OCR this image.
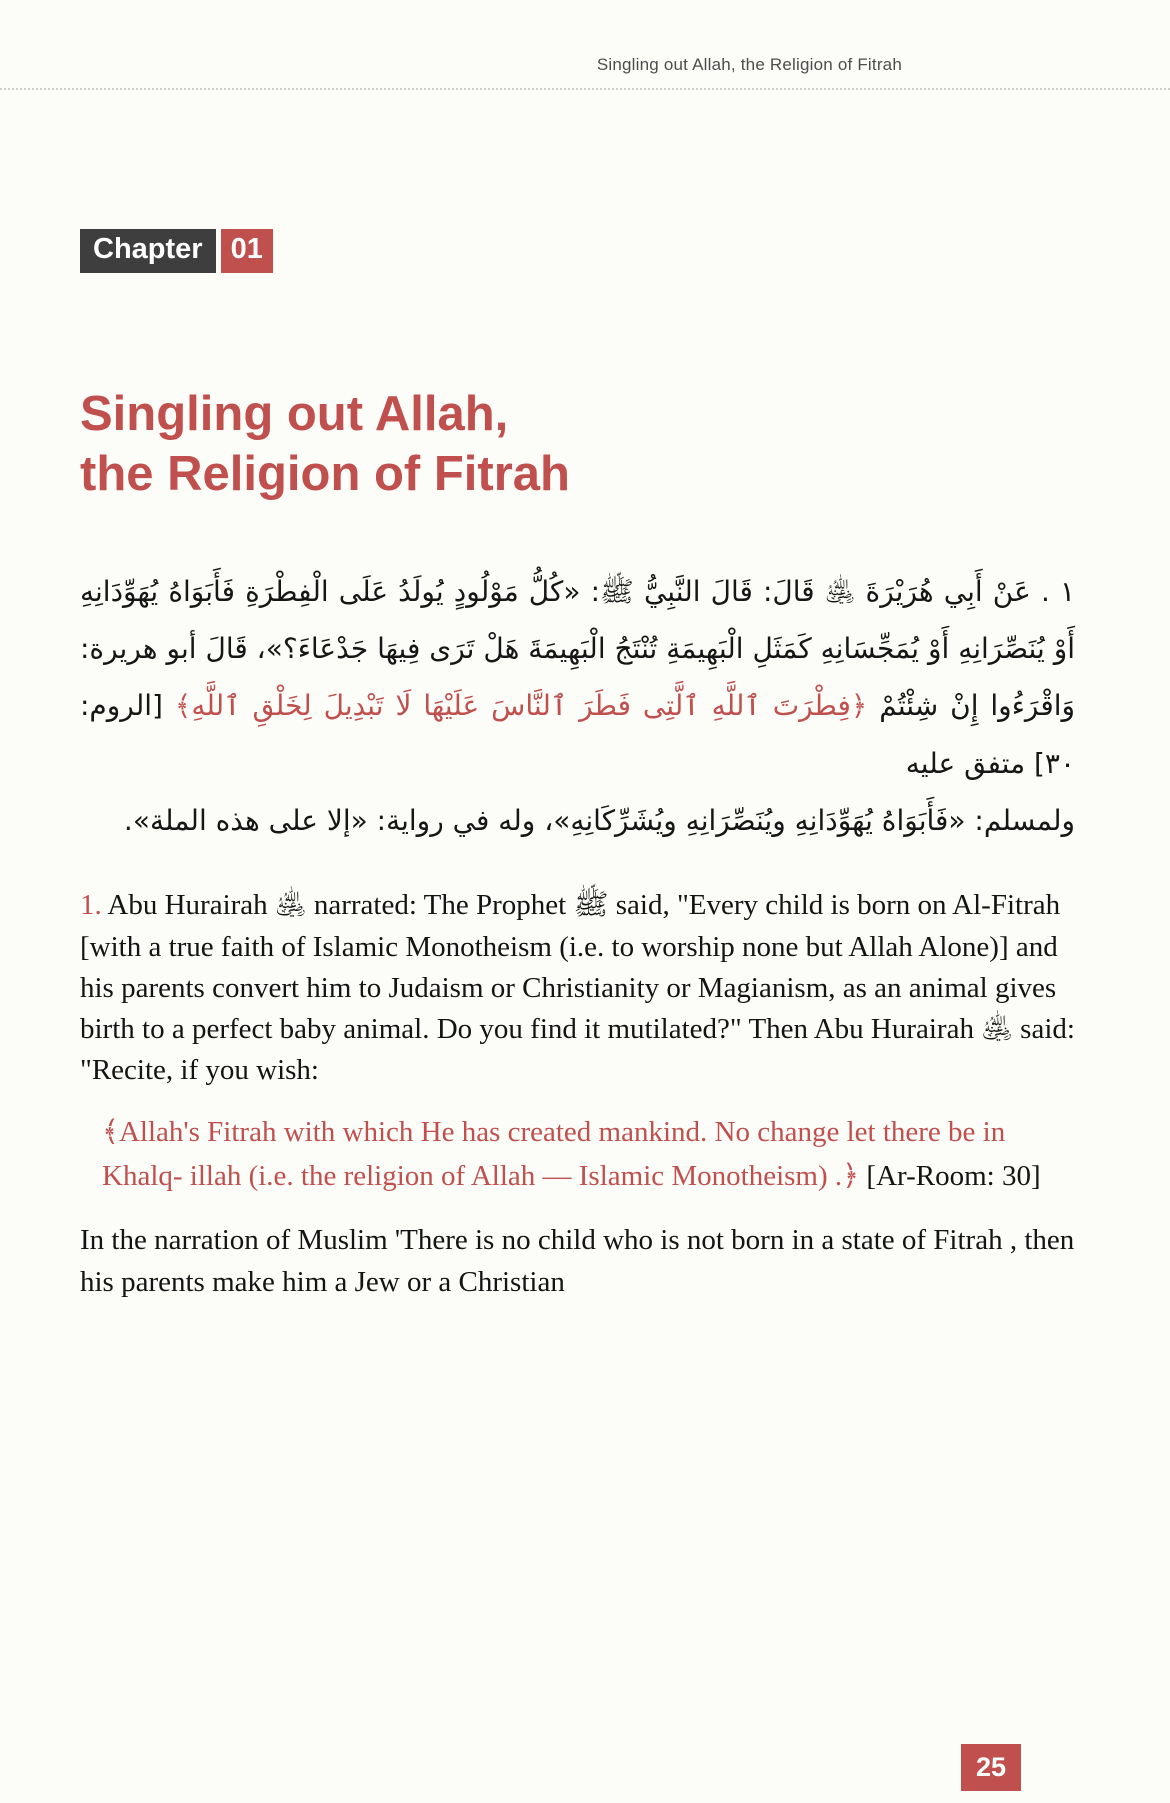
Singling out Allah, the Religion of Fitrah
Chapter 01
Singling out Allah,
the Religion of Fitrah

١ . عَنْ أَبِي هُرَيْرَةَ ﵁ قَالَ: قَالَ النَّبِيُّ ﷺ: «كُلُّ مَوْلُودٍ يُولَدُ عَلَى الْفِطْرَةِ فَأَبَوَاهُ يُهَوِّدَانِهِ أَوْ يُنَصِّرَانِهِ أَوْ يُمَجِّسَانِهِ كَمَثَلِ الْبَهِيمَةِ تُنْتَجُ الْبَهِيمَةَ هَلْ تَرَى فِيهَا جَدْعَاءَ؟»، قَالَ أبو هريرة: وَاقْرَءُوا إِنْ شِئْتُمْ ﴿فِطْرَتَ ٱللَّهِ ٱلَّتِى فَطَرَ ٱلنَّاسَ عَلَيْهَا لَا تَبْدِيلَ لِخَلْقِ ٱللَّهِ﴾ [الروم: ٣٠] متفق عليه

ولمسلم: «فَأَبَوَاهُ يُهَوِّدَانِهِ ويُنَصِّرَانِهِ ويُشَرِّكَانِهِ»، وله في رواية: «إلا على هذه الملة».

1. Abu Hurairah ﵁ narrated: The Prophet ﷺ said, "Every child is born on Al-Fitrah [with a true faith of Islamic Monotheism (i.e. to worship none but Allah Alone)] and his parents convert him to Judaism or Christianity or Magianism, as an animal gives birth to a perfect baby animal. Do you find it mutilated?" Then Abu Hurairah ﵁ said: "Recite, if you wish:

﴾Allah's Fitrah with which He has created mankind. No change let there be in Khalq- illah (i.e. the religion of Allah — Islamic Monotheism) .﴿ [Ar-Room: 30]

In the narration of Muslim 'There is no child who is not born in a state of Fitrah , then his parents make him a Jew or a Christian

25
